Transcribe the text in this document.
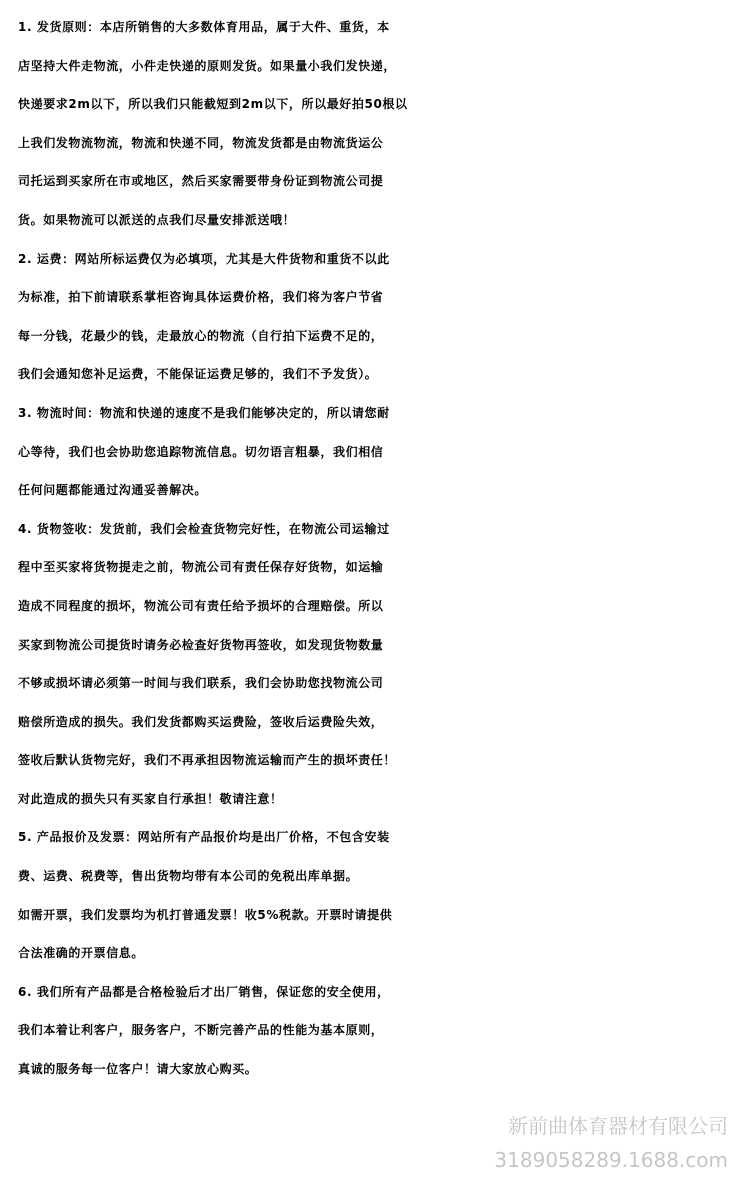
1. 发货原则：本店所销售的大多数体育用品，属于大件、重货，本
店坚持大件走物流，小件走快递的原则发货。如果量小我们发快递，
快递要求2m以下，所以我们只能截短到2m以下，所以最好拍50根以
上我们发物流物流，物流和快递不同，物流发货都是由物流货运公
司托运到买家所在市或地区，然后买家需要带身份证到物流公司提
货。如果物流可以派送的点我们尽量安排派送哦！
2. 运费：网站所标运费仅为必填项，尤其是大件货物和重货不以此
为标准，拍下前请联系掌柜咨询具体运费价格，我们将为客户节省
每一分钱，花最少的钱，走最放心的物流（自行拍下运费不足的，
我们会通知您补足运费，不能保证运费足够的，我们不予发货）。
3. 物流时间：物流和快递的速度不是我们能够决定的，所以请您耐
心等待，我们也会协助您追踪物流信息。切勿语言粗暴，我们相信
任何问题都能通过沟通妥善解决。
4. 货物签收：发货前，我们会检查货物完好性，在物流公司运输过
程中至买家将货物提走之前，物流公司有责任保存好货物，如运输
造成不同程度的损坏，物流公司有责任给予损坏的合理赔偿。所以
买家到物流公司提货时请务必检查好货物再签收，如发现货物数量
不够或损坏请必须第一时间与我们联系，我们会协助您找物流公司
赔偿所造成的损失。我们发货都购买运费险，签收后运费险失效，
签收后默认货物完好，我们不再承担因物流运输而产生的损坏责任！
对此造成的损失只有买家自行承担！敬请注意！
5. 产品报价及发票：网站所有产品报价均是出厂价格，不包含安装
费、运费、税费等，售出货物均带有本公司的免税出库单据。
如需开票，我们发票均为机打普通发票！收5%税款。开票时请提供
合法准确的开票信息。
6. 我们所有产品都是合格检验后才出厂销售，保证您的安全使用，
我们本着让利客户，服务客户，不断完善产品的性能为基本原则，
真诚的服务每一位客户！请大家放心购买。
新前曲体育器材有限公司
3189058289.1688.com
